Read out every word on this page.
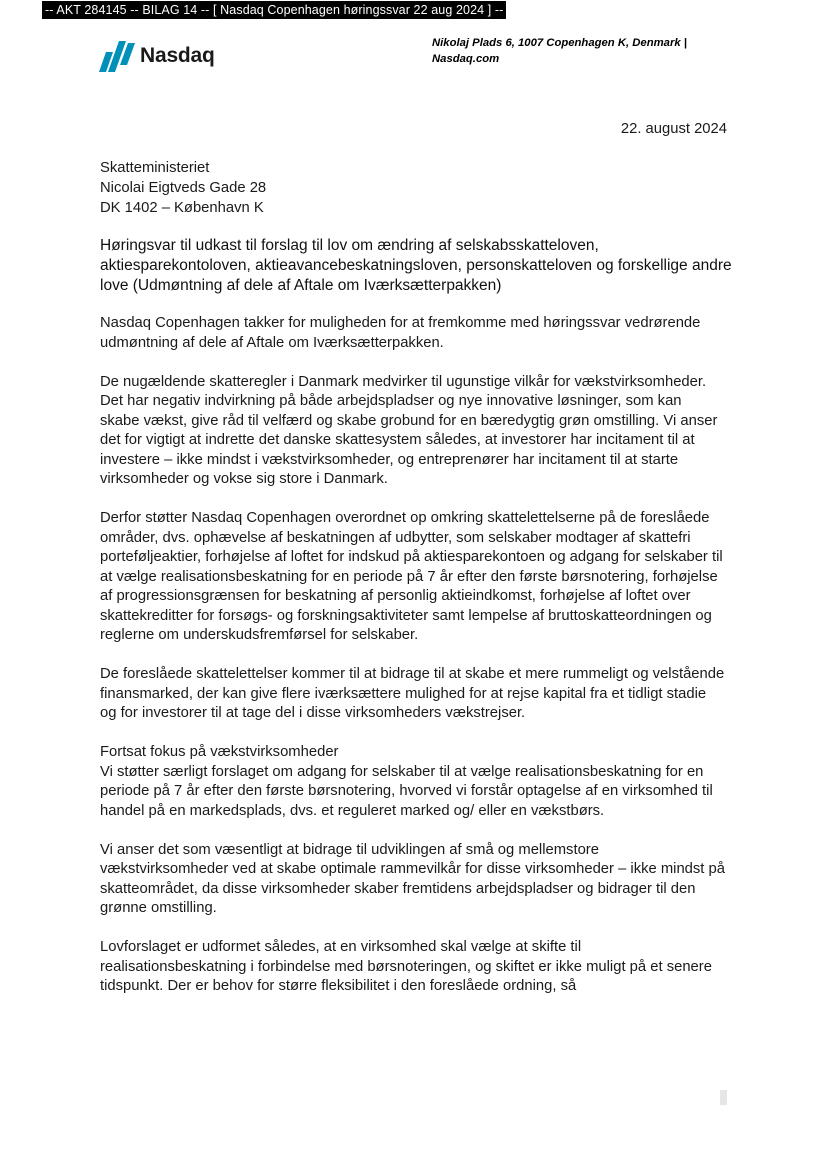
-- AKT 284145 -- BILAG 14 -- [ Nasdaq Copenhagen høringssvar 22 aug 2024 ] --
Nasdaq
Nikolaj Plads 6, 1007 Copenhagen K, Denmark |
Nasdaq.com
22. august 2024
Skatteministeriet
Nicolai Eigtveds Gade 28
DK 1402 – København K
Høringsvar til udkast til forslag til lov om ændring af selskabsskatteloven, aktiesparekontoloven, aktieavancebeskatningsloven, personskatteloven og forskellige andre love (Udmøntning af dele af Aftale om Iværksætterpakken)

Nasdaq Copenhagen takker for muligheden for at fremkomme med høringssvar vedrørende udmøntning af dele af Aftale om Iværksætterpakken.

De nugældende skatteregler i Danmark medvirker til ugunstige vilkår for vækstvirksomheder. Det har negativ indvirkning på både arbejdspladser og nye innovative løsninger, som kan skabe vækst, give råd til velfærd og skabe grobund for en bæredygtig grøn omstilling. Vi anser det for vigtigt at indrette det danske skattesystem således, at investorer har incitament til at investere – ikke mindst i vækstvirksomheder, og entreprenører har incitament til at starte virksomheder og vokse sig store i Danmark.

Derfor støtter Nasdaq Copenhagen overordnet op omkring skattelettelserne på de foreslåede områder, dvs. ophævelse af beskatningen af udbytter, som selskaber modtager af skattefri porteføljeaktier, forhøjelse af loftet for indskud på aktiesparekontoen og adgang for selskaber til at vælge realisationsbeskatning for en periode på 7 år efter den første børsnotering, forhøjelse af progressionsgrænsen for beskatning af personlig aktieindkomst, forhøjelse af loftet over skattekreditter for forsøgs- og forskningsaktiviteter samt lempelse af bruttoskatteordningen og reglerne om underskudsfremførsel for selskaber.

De foreslåede skattelettelser kommer til at bidrage til at skabe et mere rummeligt og velstående finansmarked, der kan give flere iværksættere mulighed for at rejse kapital fra et tidligt stadie og for investorer til at tage del i disse virksomheders vækstrejser.

Fortsat fokus på vækstvirksomheder

Vi støtter særligt forslaget om adgang for selskaber til at vælge realisationsbeskatning for en periode på 7 år efter den første børsnotering, hvorved vi forstår optagelse af en virksomhed til handel på en markedsplads, dvs. et reguleret marked og/ eller en vækstbørs.

Vi anser det som væsentligt at bidrage til udviklingen af små og mellemstore vækstvirksomheder ved at skabe optimale rammevilkår for disse virksomheder – ikke mindst på skatteområdet, da disse virksomheder skaber fremtidens arbejdspladser og bidrager til den grønne omstilling.

Lovforslaget er udformet således, at en virksomhed skal vælge at skifte til realisationsbeskatning i forbindelse med børsnoteringen, og skiftet er ikke muligt på et senere tidspunkt. Der er behov for større fleksibilitet i den foreslåede ordning, så
